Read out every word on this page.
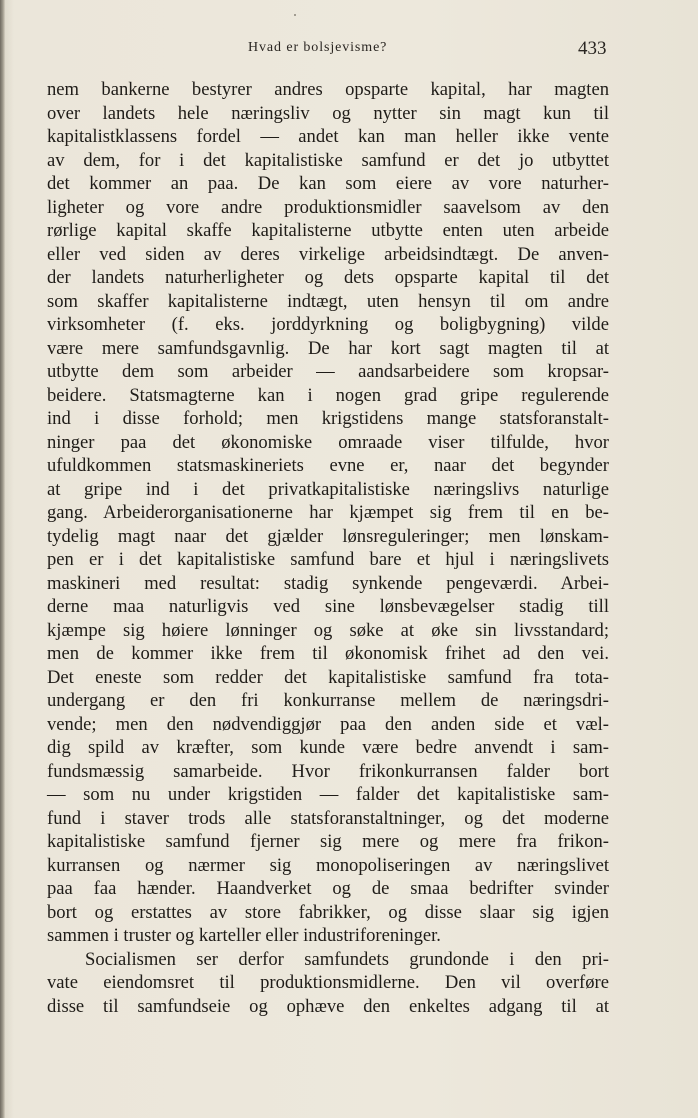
Hvad er bolsjevisme?	433
nem bankerne bestyrer andres opsparte kapital, har magten
over landets hele næringsliv og nytter sin magt kun til
kapitalistklassens fordel — andet kan man heller ikke vente
av dem, for i det kapitalistiske samfund er det jo utbyttet
det kommer an paa. De kan som eiere av vore naturher-
ligheter og vore andre produktionsmidler saavelsom av den
rørlige kapital skaffe kapitalisterne utbytte enten uten arbeide
eller ved siden av deres virkelige arbeidsindtægt. De anven-
der landets naturherligheter og dets opsparte kapital til det
som skaffer kapitalisterne indtægt, uten hensyn til om andre
virksomheter (f. eks. jorddyrkning og boligbygning) vilde
være mere samfundsgavnlig. De har kort sagt magten til at
utbytte dem som arbeider — aandsarbeidere som kropsar-
beidere. Statsmagterne kan i nogen grad gripe regulerende
ind i disse forhold; men krigstidens mange statsforanstalt-
ninger paa det økonomiske omraade viser tilfulde, hvor
ufuldkommen statsmaskineriets evne er, naar det begynder
at gripe ind i det privatkapitalistiske næringslivs naturlige
gang. Arbeiderorganisationerne har kjæmpet sig frem til en be-
tydelig magt naar det gjælder lønsreguleringer; men lønskam-
pen er i det kapitalistiske samfund bare et hjul i næringslivets
maskineri med resultat: stadig synkende pengeværdi. Arbei-
derne maa naturligvis ved sine lønsbevægelser stadig till
kjæmpe sig høiere lønninger og søke at øke sin livsstandard;
men de kommer ikke frem til økonomisk frihet ad den vei.
Det eneste som redder det kapitalistiske samfund fra tota-
undergang er den fri konkurranse mellem de næringsdri-
vende; men den nødvendiggjør paa den anden side et væl-
dig spild av kræfter, som kunde være bedre anvendt i sam-
fundsmæssig samarbeide. Hvor frikonkurransen falder bort
— som nu under krigstiden — falder det kapitalistiske sam-
fund i staver trods alle statsforanstaltninger, og det moderne
kapitalistiske samfund fjerner sig mere og mere fra frikon-
kurransen og nærmer sig monopoliseringen av næringslivet
paa faa hænder. Haandverket og de smaa bedrifter svinder
bort og erstattes av store fabrikker, og disse slaar sig igjen
sammen i truster og karteller eller industriforeninger.
Socialismen ser derfor samfundets grundonde i den pri-
vate eiendomsret til produktionsmidlerne. Den vil overføre
disse til samfundseie og ophæve den enkeltes adgang til at
